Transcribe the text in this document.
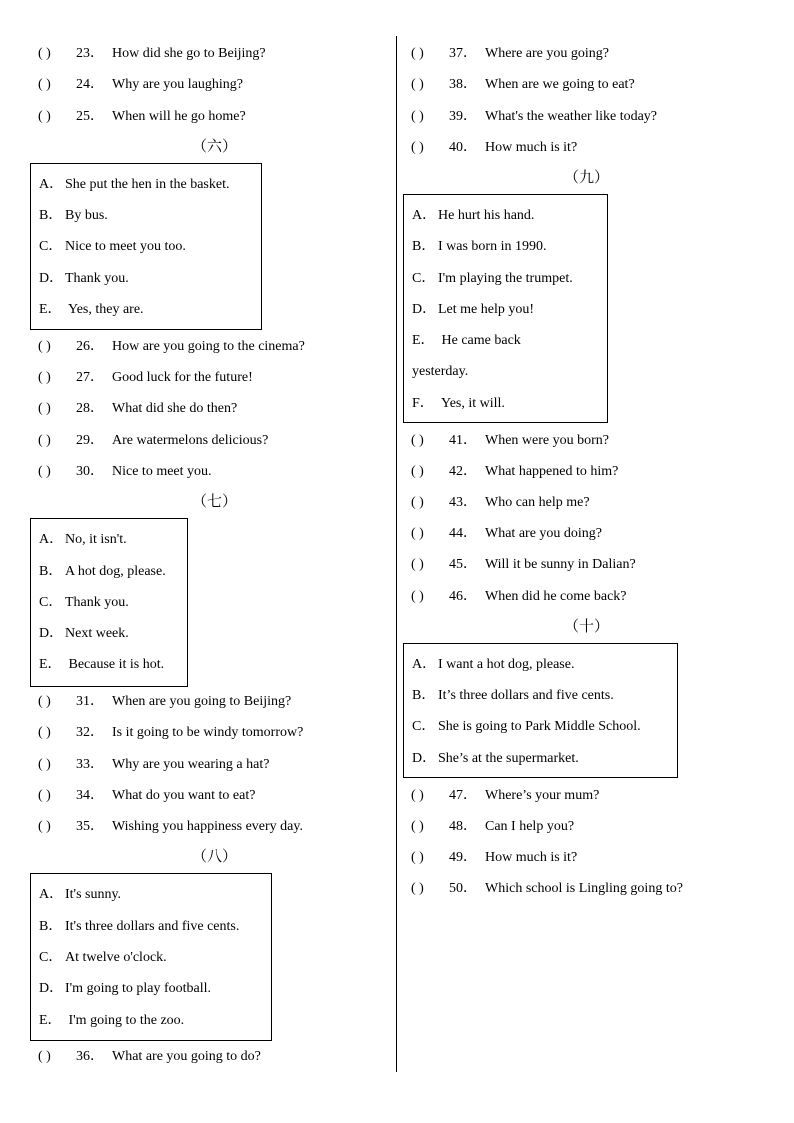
( ) 23． How did she go to Beijing?
( ) 24． Why are you laughing?
( ) 25． When will he go home?
（六）
A． She put the hen in the basket.
B． By bus.
C． Nice to meet you too.
D． Thank you.
E． Yes, they are.
( ) 26． How are you going to the cinema?
( ) 27． Good luck for the future!
( ) 28． What did she do then?
( ) 29． Are watermelons delicious?
( ) 30． Nice to meet you.
（七）
A． No, it isn't.
B． A hot dog, please.
C． Thank you.
D． Next week.
E． Because it is hot.
( ) 31． When are you going to Beijing?
( ) 32． Is it going to be windy tomorrow?
( ) 33． Why are you wearing a hat?
( ) 34． What do you want to eat?
( ) 35． Wishing you happiness every day.
（八）
A． It's sunny.
B． It's three dollars and five cents.
C． At twelve o'clock.
D． I'm going to play football.
E． I'm going to the zoo.
( ) 36． What are you going to do?
( ) 37． Where are you going?
( ) 38． When are we going to eat?
( ) 39． What's the weather like today?
( ) 40． How much is it?
（九）
A． He hurt his hand.
B． I was born in 1990.
C． I'm playing the trumpet.
D． Let me help you!
E． He came back
yesterday.
F． Yes, it will.
( ) 41． When were you born?
( ) 42． What happened to him?
( ) 43． Who can help me?
( ) 44． What are you doing?
( ) 45． Will it be sunny in Dalian?
( ) 46． When did he come back?
（十）
A． I want a hot dog, please.
B． It’s three dollars and five cents.
C． She is going to Park Middle School.
D． She’s at the supermarket.
( ) 47． Where’s your mum?
( ) 48． Can I help you?
( ) 49． How much is it?
( ) 50． Which school is Lingling going to?
